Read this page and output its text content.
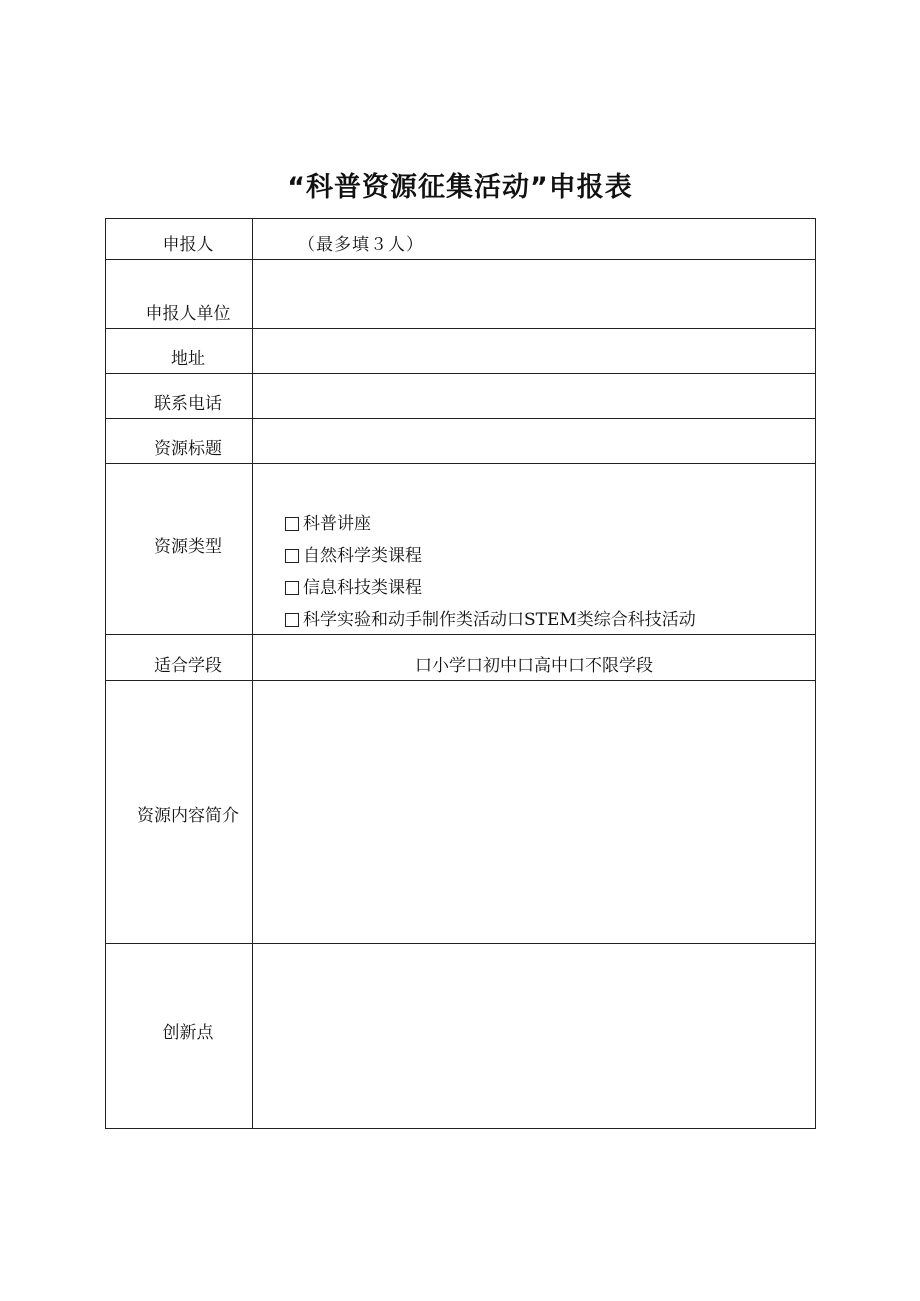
“科普资源征集活动”申报表
申报人	（最多填３人）

申报人单位	

地址	

联系电话	

资源标题	

资源类型	科普讲座
自然科学类课程
信息科技类课程
科学实验和动手制作类活动口STEM类综合科技活动

适合学段	口小学口初中口高中口不限学段

资源内容简介	

创新点	
